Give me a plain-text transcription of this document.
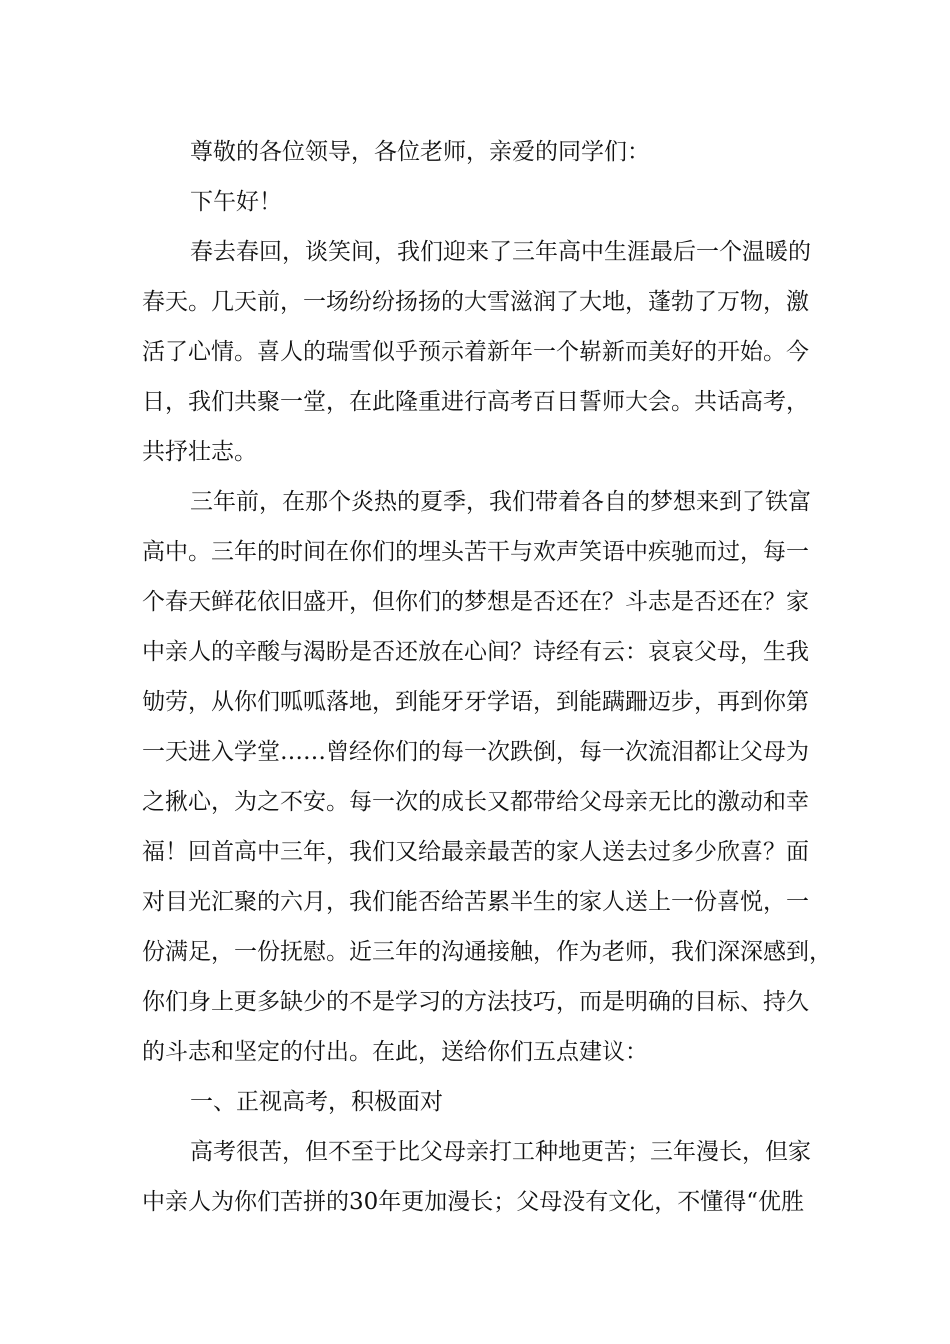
尊敬的各位领导，各位老师，亲爱的同学们：
下午好！
春去春回，谈笑间，我们迎来了三年高中生涯最后一个温暖的
春天。几天前，一场纷纷扬扬的大雪滋润了大地，蓬勃了万物，激
活了心情。喜人的瑞雪似乎预示着新年一个崭新而美好的开始。今
日，我们共聚一堂，在此隆重进行高考百日誓师大会。共话高考，
共抒壮志。
三年前，在那个炎热的夏季，我们带着各自的梦想来到了铁富
高中。三年的时间在你们的埋头苦干与欢声笑语中疾驰而过，每一
个春天鲜花依旧盛开，但你们的梦想是否还在？斗志是否还在？家
中亲人的辛酸与渴盼是否还放在心间？诗经有云：哀哀父母，生我
劬劳，从你们呱呱落地，到能牙牙学语，到能蹒跚迈步，再到你第
一天进入学堂……曾经你们的每一次跌倒，每一次流泪都让父母为
之揪心，为之不安。每一次的成长又都带给父母亲无比的激动和幸
福！回首高中三年，我们又给最亲最苦的家人送去过多少欣喜？面
对目光汇聚的六月，我们能否给苦累半生的家人送上一份喜悦，一
份满足，一份抚慰。近三年的沟通接触，作为老师，我们深深感到，
你们身上更多缺少的不是学习的方法技巧，而是明确的目标、持久
的斗志和坚定的付出。在此，送给你们五点建议：
一、正视高考，积极面对
高考很苦，但不至于比父母亲打工种地更苦；三年漫长，但家
中亲人为你们苦拼的30年更加漫长；父母没有文化，不懂得“优胜
